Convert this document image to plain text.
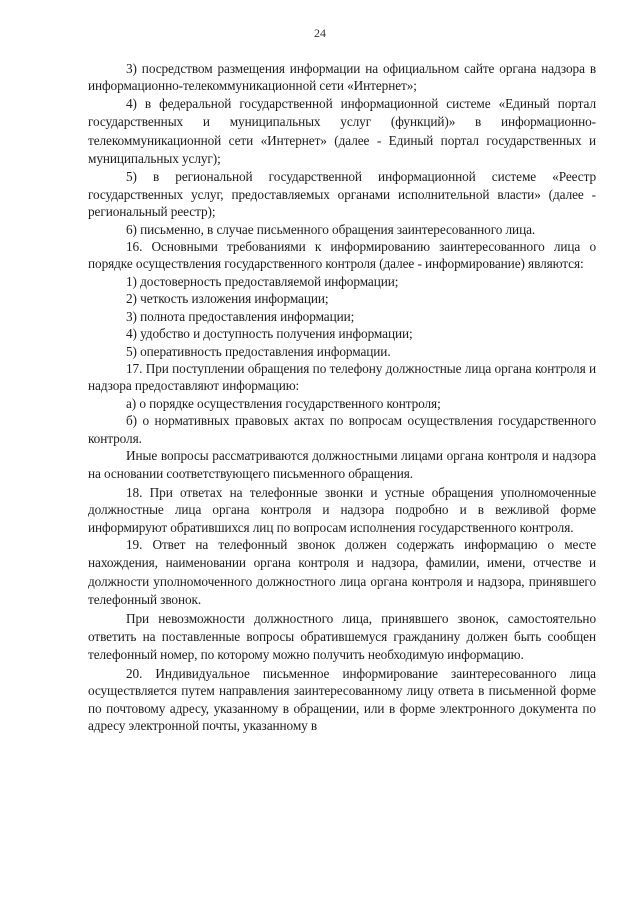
24

3) посредством размещения информации на официальном сайте органа надзора в информационно-телекоммуникационной сети «Интернет»;

4) в федеральной государственной информационной системе «Единый портал государственных и муниципальных услуг (функций)» в информационно-телекоммуникационной сети «Интернет» (далее - Единый портал государственных и муниципальных услуг);

5) в региональной государственной информационной системе «Реестр государственных услуг, предоставляемых органами исполнительной власти» (далее - региональный реестр);

6) письменно, в случае письменного обращения заинтересованного лица.

16. Основными требованиями к информированию заинтересованного лица о порядке осуществления государственного контроля (далее - информирование) являются:

1) достоверность предоставляемой информации;

2) четкость изложения информации;

3) полнота предоставления информации;

4) удобство и доступность получения информации;

5) оперативность предоставления информации.

17. При поступлении обращения по телефону должностные лица органа контроля и надзора предоставляют информацию:

а) о порядке осуществления государственного контроля;

б) о нормативных правовых актах по вопросам осуществления государственного контроля.

Иные вопросы рассматриваются должностными лицами органа контроля и надзора на основании соответствующего письменного обращения.

18. При ответах на телефонные звонки и устные обращения уполномоченные должностные лица органа контроля и надзора подробно и в вежливой форме информируют обратившихся лиц по вопросам исполнения государственного контроля.

19. Ответ на телефонный звонок должен содержать информацию о месте нахождения, наименовании органа контроля и надзора, фамилии, имени, отчестве и должности уполномоченного должностного лица органа контроля и надзора, принявшего телефонный звонок.

При невозможности должностного лица, принявшего звонок, самостоятельно ответить на поставленные вопросы обратившемуся гражданину должен быть сообщен телефонный номер, по которому можно получить необходимую информацию.

20. Индивидуальное письменное информирование заинтересованного лица осуществляется путем направления заинтересованному лицу ответа в письменной форме по почтовому адресу, указанному в обращении, или в форме электронного документа по адресу электронной почты, указанному в
